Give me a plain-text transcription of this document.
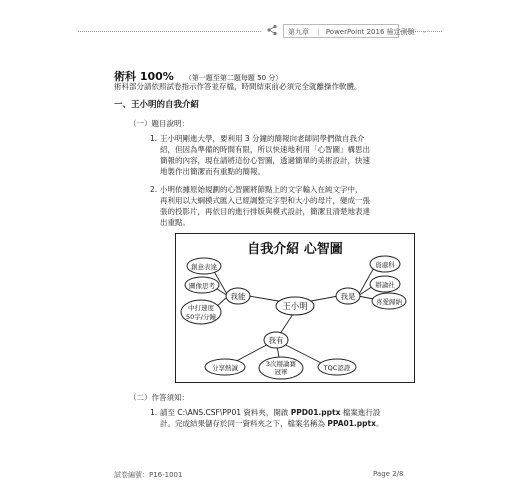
第九章 | PowerPoint 2016 檢定測驗 ›
術科 100% （第一題至第二題每題 50 分）
術科部分請依照試卷指示作答並存檔，時間結束前必須完全就離操作軟體。
一、王小明的自我介紹
（一）題目說明：
1. 王小明剛進大學，要利用 3 分鐘的簡報向老師同學們做自我介
紹，但因為準備的時間有限，所以快速地利用「心智圖」構思出
簡報的內容，現在請將這份心智圖，透過簡單的美術設計，快速
地製作出簡潔而有重點的簡報。
2. 小明依據原始規劃的心智圖將節點上的文字輸入在純文字中，
再利用以大綱模式匯入已經調整完字型和大小的母片，變成一張
張的投影片，再依目的進行排版與模式設計，簡潔且清楚地表達
出重點。
自我介紹 心智圖
王小明
我能	我是
我有
創意表達
圖像思考
中打速度
50字/分鐘
資處科
辯論社
喜愛歸納
分享熱誠	3次辯論賽
冠軍	TQC認證
（二）作答須知：
1. 請至 C:\ANS.CSF\PP01 資料夾，開啟 PPD01.pptx 檔案進行設
計。完成結果儲存於同一資料夾之下，檔案名稱為 PPA01.pptx。
試卷編號：P16-1001	Page 2/8
